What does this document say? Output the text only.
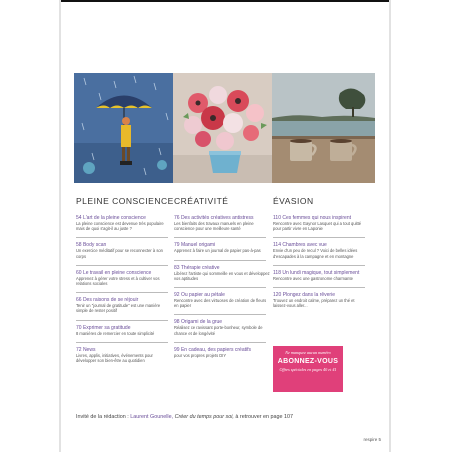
PLEINE CONSCIENCE
54 L'art de la pleine conscience
La pleine conscience est devenue très populaire mais de quoi s'agit-il au juste ?
58 Body scan
Un exercice méditatif pour se reconnecter à son corps
60 Le travail en pleine conscience
Apprenez à gérer votre stress et à cultiver vos relations sociales
66 Des raisons de se réjouir
Tenir un "journal de gratitude" est une manière simple de rester positif
70 Exprimer sa gratitude
8 manières de remercier en toute simplicité
72 News
Livres, applis, initiatives, événements pour développer son bien-être au quotidien
CRÉATIVITÉ
76 Des activités créatives antistress
Les bienfaits des travaux manuels en pleine conscience pour une meilleure santé
79 Manuel origami
Apprenez à faire un journal de papier pas-à-pas
83 Thérapie créative
Libérez l'artiste qui sommeille en vous et développez vos aptitudes
92 Ou papier au pétale
Rencontre avec des virtuoses de création de fleurs en papier
98 Origami de la grue
Réalisez ce ravissant porte-bonheur, symbole de chance et de longévité
99 En cadeau, des papiers créatifs
pour vos propres projets DIY
ÉVASION
110 Ces femmes qui nous inspirent
Rencontre avec Gaynor Lasquet qui a tout quitté pour partir vivre en Laponie
114 Chambres avec vue
Envie d'un peu de recul ? Voici de belles idées d'escapades à la campagne et en montagne
118 Un lundi magique, tout simplement
Rencontre avec une gastronome charmante
120 Plongez dans la rêverie
Trouvez un endroit calme, préparez un thé et laissez-vous aller...
Ne manquez aucun numéro
ABONNEZ-VOUS
Offres spéciales en pages 40 et 41
Invité de la rédaction : Laurent Gounelle, Créer du temps pour soi, à retrouver en page 107
respire 5
